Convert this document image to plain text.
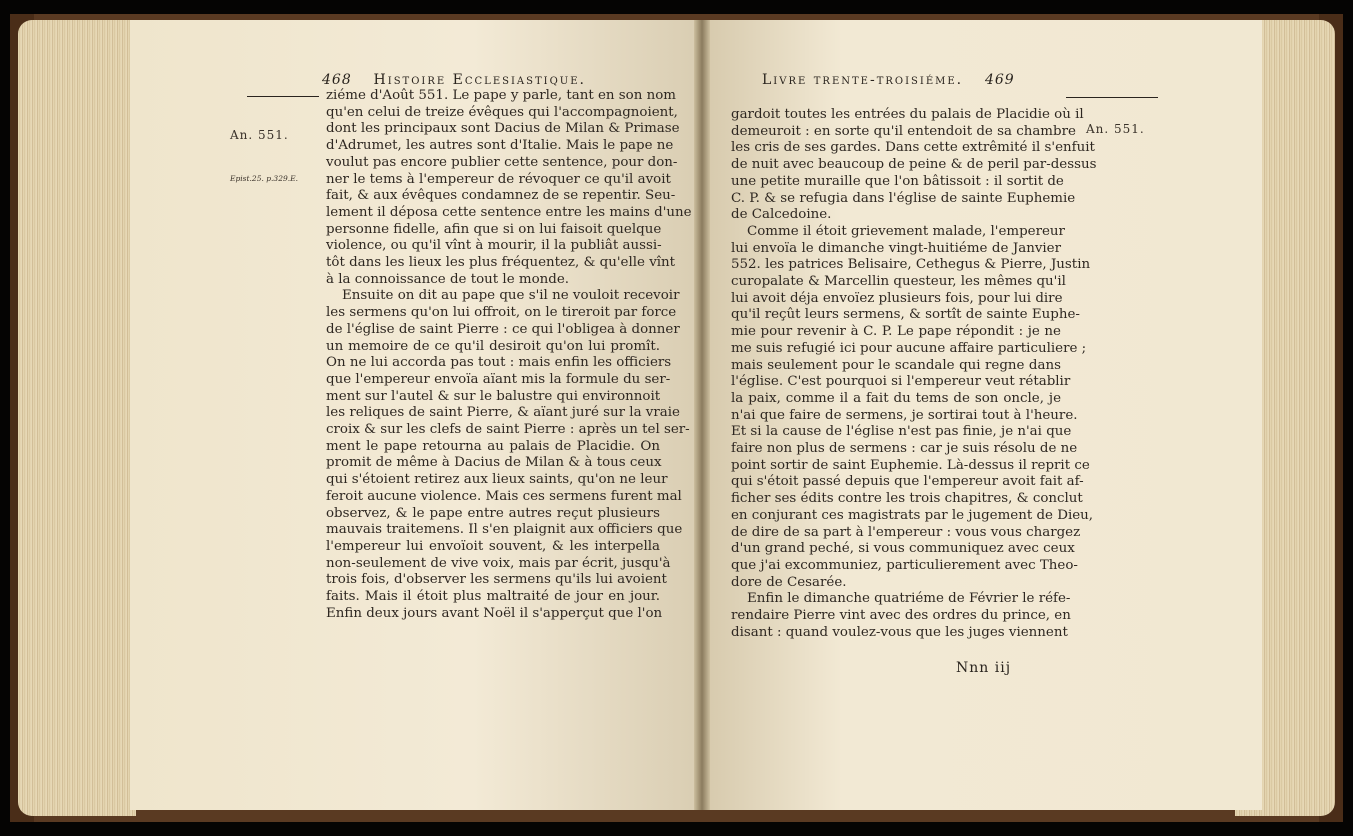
468 Histoire Ecclesiastique.
An. 551.
Epist.25. p.329.E.
ziéme d'Août 551. Le pape y parle, tant en son nom
qu'en celui de treize évêques qui l'accompagnoient,
dont les principaux sont Dacius de Milan & Primase
d'Adrumet, les autres sont d'Italie. Mais le pape ne
voulut pas encore publier cette sentence, pour don-
ner le tems à l'empereur de révoquer ce qu'il avoit
fait, & aux évêques condamnez de se repentir. Seu-
lement il déposa cette sentence entre les mains d'une
personne fidelle, afin que si on lui faisoit quelque
violence, ou qu'il vînt à mourir, il la publiât aussi-
tôt dans les lieux les plus fréquentez, & qu'elle vînt
à la connoissance de tout le monde.
Ensuite on dit au pape que s'il ne vouloit recevoir
les sermens qu'on lui offroit, on le tireroit par force
de l'église de saint Pierre : ce qui l'obligea à donner
un memoire de ce qu'il desiroit qu'on lui promît.
On ne lui accorda pas tout : mais enfin les officiers
que l'empereur envoïa aïant mis la formule du ser-
ment sur l'autel & sur le balustre qui environnoit
les reliques de saint Pierre, & aïant juré sur la vraie
croix & sur les clefs de saint Pierre : après un tel ser-
ment le pape retourna au palais de Placidie. On
promit de même à Dacius de Milan & à tous ceux
qui s'étoient retirez aux lieux saints, qu'on ne leur
feroit aucune violence. Mais ces sermens furent mal
observez, & le pape entre autres reçut plusieurs
mauvais traitemens. Il s'en plaignit aux officiers que
l'empereur lui envoïoit souvent, & les interpella
non-seulement de vive voix, mais par écrit, jusqu'à
trois fois, d'observer les sermens qu'ils lui avoient
faits. Mais il étoit plus maltraité de jour en jour.
Enfin deux jours avant Noël il s'apperçut que l'on
Livre trente-troisiéme. 469
An. 551.
gardoit toutes les entrées du palais de Placidie où il
demeuroit : en sorte qu'il entendoit de sa chambre
les cris de ses gardes. Dans cette extrêmité il s'enfuit
de nuit avec beaucoup de peine & de peril par-dessus
une petite muraille que l'on bâtissoit : il sortit de
C. P. & se refugia dans l'église de sainte Euphemie
de Calcedoine.
Comme il étoit grievement malade, l'empereur
lui envoïa le dimanche vingt-huitiéme de Janvier
552. les patrices Belisaire, Cethegus & Pierre, Justin
curopalate & Marcellin questeur, les mêmes qu'il
lui avoit déja envoïez plusieurs fois, pour lui dire
qu'il reçût leurs sermens, & sortît de sainte Euphe-
mie pour revenir à C. P. Le pape répondit : je ne
me suis refugié ici pour aucune affaire particuliere ;
mais seulement pour le scandale qui regne dans
l'église. C'est pourquoi si l'empereur veut rétablir
la paix, comme il a fait du tems de son oncle, je
n'ai que faire de sermens, je sortirai tout à l'heure.
Et si la cause de l'église n'est pas finie, je n'ai que
faire non plus de sermens : car je suis résolu de ne
point sortir de saint Euphemie. Là-dessus il reprit ce
qui s'étoit passé depuis que l'empereur avoit fait af-
ficher ses édits contre les trois chapitres, & conclut
en conjurant ces magistrats par le jugement de Dieu,
de dire de sa part à l'empereur : vous vous chargez
d'un grand peché, si vous communiquez avec ceux
que j'ai excommuniez, particulierement avec Theo-
dore de Cesarée.
Enfin le dimanche quatriéme de Février le réfe-
rendaire Pierre vint avec des ordres du prince, en
disant : quand voulez-vous que les juges viennent
Nnn iij
